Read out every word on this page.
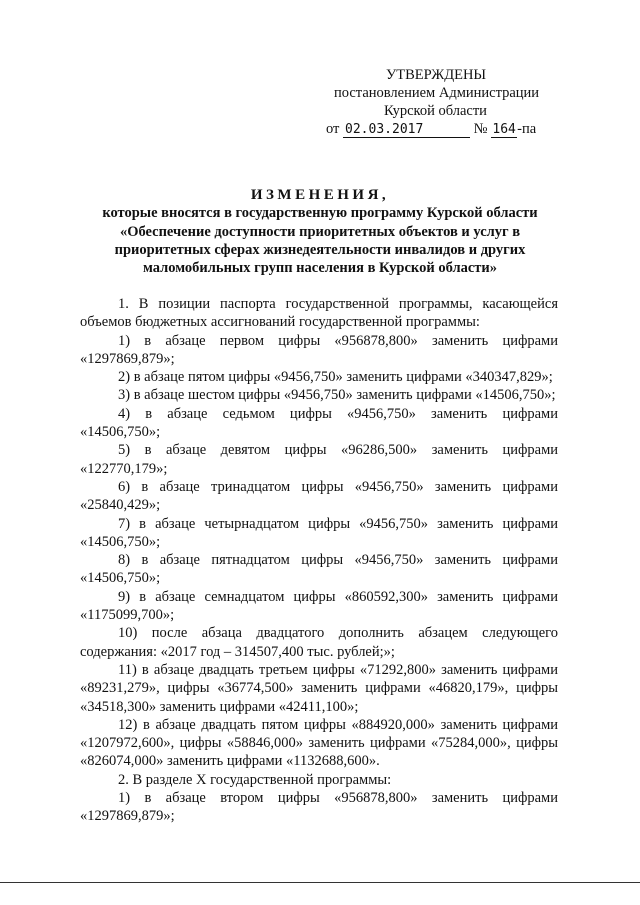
УТВЕРЖДЕНЫ
постановлением Администрации
Курской области
от 02.03.2017	№ 164-па
ИЗМЕНЕНИЯ,
которые вносятся в государственную программу Курской области
«Обеспечение доступности приоритетных объектов и услуг в
приоритетных сферах жизнедеятельности инвалидов и других
маломобильных групп населения в Курской области»

1. В позиции паспорта государственной программы, касающейся объемов бюджетных ассигнований государственной программы:

1) в абзаце первом цифры «956878,800» заменить цифрами «1297869,879»;

2) в абзаце пятом цифры «9456,750» заменить цифрами «340347,829»;

3) в абзаце шестом цифры «9456,750» заменить цифрами «14506,750»;

4) в абзаце седьмом цифры «9456,750» заменить цифрами «14506,750»;

5) в абзаце девятом цифры «96286,500» заменить цифрами «122770,179»;

6) в абзаце тринадцатом цифры «9456,750» заменить цифрами «25840,429»;

7) в абзаце четырнадцатом цифры «9456,750» заменить цифрами «14506,750»;

8) в абзаце пятнадцатом цифры «9456,750» заменить цифрами «14506,750»;

9) в абзаце семнадцатом цифры «860592,300» заменить цифрами «1175099,700»;

10) после абзаца двадцатого дополнить абзацем следующего содержания: «2017 год – 314507,400 тыс. рублей;»;

11) в абзаце двадцать третьем цифры «71292,800» заменить цифрами «89231,279», цифры «36774,500» заменить цифрами «46820,179», цифры «34518,300» заменить цифрами «42411,100»;

12) в абзаце двадцать пятом цифры «884920,000» заменить цифрами «1207972,600», цифры «58846,000» заменить цифрами «75284,000», цифры «826074,000» заменить цифрами «1132688,600».

2. В разделе Х государственной программы:

1) в абзаце втором цифры «956878,800» заменить цифрами «1297869,879»;
